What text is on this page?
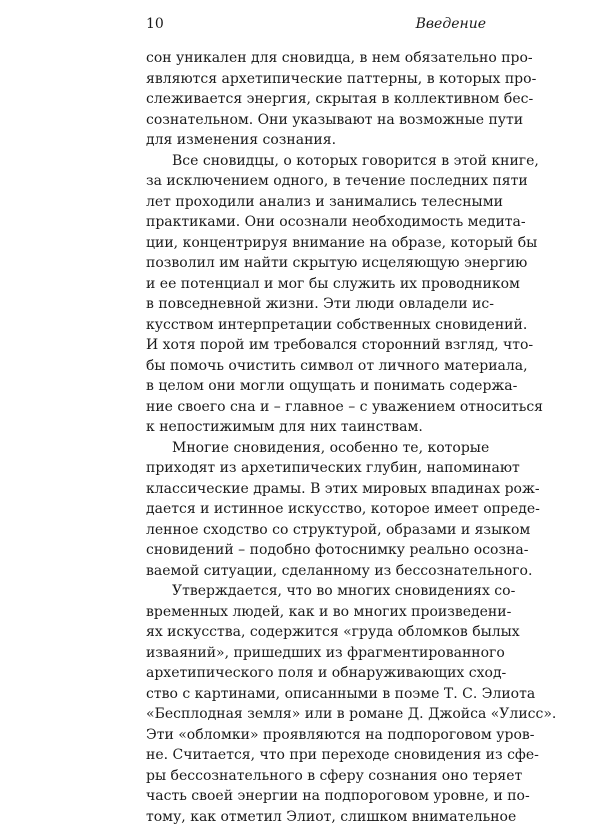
10	Введение

сон уникален для сновидца, в нем обязательно про-
являются архетипические паттерны, в которых про-
слеживается энергия, скрытая в коллективном бес-
сознательном. Они указывают на возможные пути
для изменения сознания.

Все сновидцы, о которых говорится в этой книге,
за исключением одного, в течение последних пяти
лет проходили анализ и занимались телесными
практиками. Они осознали необходимость медита-
ции, концентрируя внимание на образе, который бы
позволил им найти скрытую исцеляющую энергию
и ее потенциал и мог бы служить их проводником
в повседневной жизни. Эти люди овладели ис-
кусством интерпретации собственных сновидений.
И хотя порой им требовался сторонний взгляд, что-
бы помочь очистить символ от личного материала,
в целом они могли ощущать и понимать содержа-
ние своего сна и – главное – с уважением относиться
к непостижимым для них таинствам.

Многие сновидения, особенно те, которые
приходят из архетипических глубин, напоминают
классические драмы. В этих мировых впадинах рож-
дается и истинное искусство, которое имеет опреде-
ленное сходство со структурой, образами и языком
сновидений – подобно фотоснимку реально осозна-
ваемой ситуации, сделанному из бессознательного.

Утверждается, что во многих сновидениях со-
временных людей, как и во многих произведени-
ях искусства, содержится «груда обломков былых
изваяний», пришедших из фрагментированного
архетипического поля и обнаруживающих сход-
ство с картинами, описанными в поэме Т. С. Элиота
«Бесплодная земля» или в романе Д. Джойса «Улисс».
Эти «обломки» проявляются на подпороговом уров-
не. Считается, что при переходе сновидения из сфе-
ры бессознательного в сферу сознания оно теряет
часть своей энергии на подпороговом уровне, и по-
тому, как отметил Элиот, слишком внимательное
